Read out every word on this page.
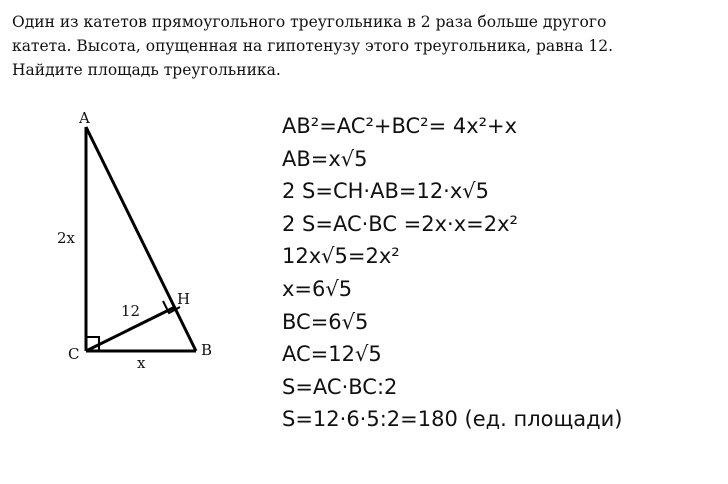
Один из катетов прямоугольного треугольника в 2 раза больше другого
катета. Высота, опущенная на гипотенузу этого треугольника, равна 12.
Найдите площадь треугольника.
A
B
C
H
2x
x
12
AB²=AC²+BC²= 4x²+x
AB=x√5
2 S=CH·AB=12·x√5
2 S=AC·BC =2x·x=2x²
12x√5=2x²
x=6√5
BC=6√5
AC=12√5
S=AC·BC:2
S=12·6·5:2=180 (ед. площади)
